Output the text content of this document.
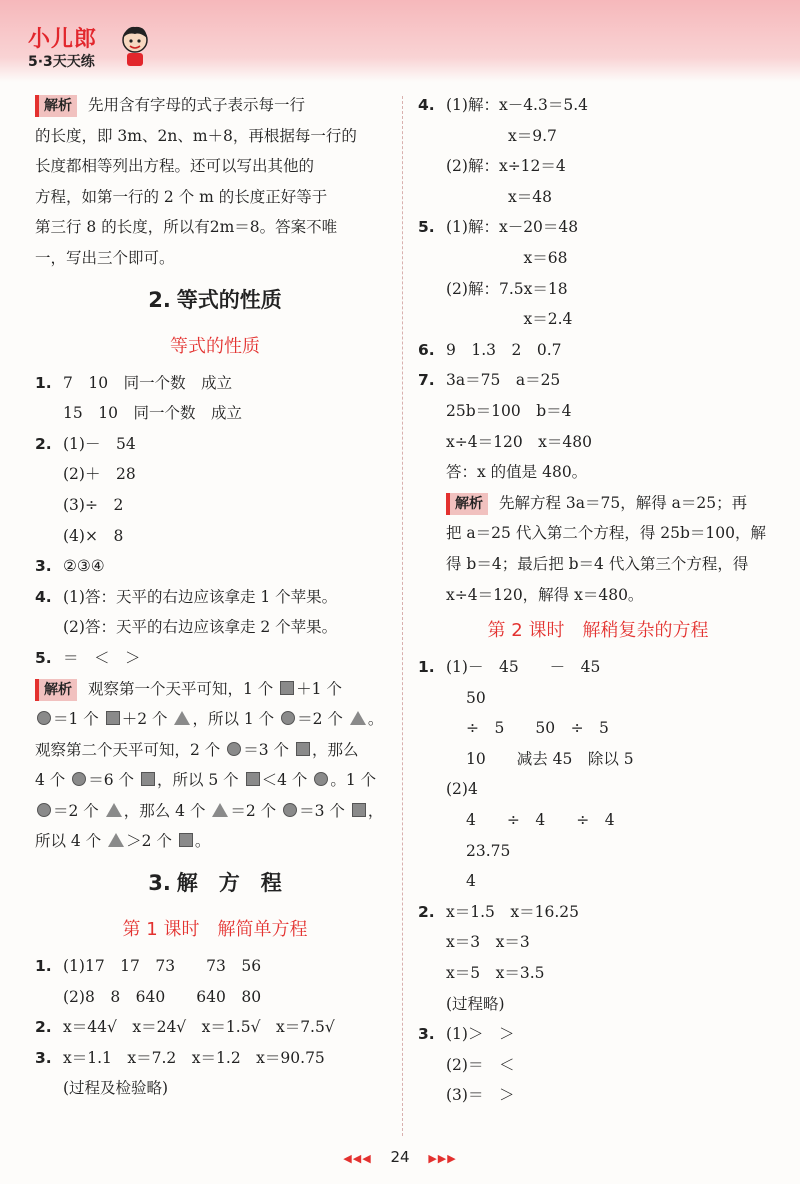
小儿郎
5·3天天练
解析 先用含有字母的式子表示每一行
的长度，即 3m、2n、m＋8，再根据每一行的
长度都相等列出方程。还可以写出其他的
方程，如第一行的 2 个 m 的长度正好等于
第三行 8 的长度，所以有2m＝8。答案不唯
一，写出三个即可。
2. 等式的性质
等式的性质
1. 7　10　同一个数　成立
15　10　同一个数　成立
2. (1)－　54
(2)＋　28
(3)÷　2
(4)×　8
3. ②③④
4. (1)答：天平的右边应该拿走 1 个苹果。
(2)答：天平的右边应该拿走 2 个苹果。
5. ＝　＜　＞
解析 观察第一个天平可知，1 个 ＋1 个
＝1 个 ＋2 个 ，所以 1 个 ＝2 个 。
观察第二个天平可知，2 个 ＝3 个 ，那么
4 个 ＝6 个 ，所以 5 个 ＜4 个 。1 个
＝2 个 ，那么 4 个 ＝2 个 ＝3 个 ，
所以 4 个 ＞2 个 。
3. 解　方　程
第 1 课时　解简单方程
1. (1)17　17　73　　73　56
(2)8　8　640　　640　80
2. x＝44√　x＝24√　x＝1.5√　x＝7.5√
3. x＝1.1　x＝7.2　x＝1.2　x＝90.75
(过程及检验略)
4. (1)解：x－4.3＝5.4
　　　　x＝9.7
(2)解：x÷12＝4
　　　　x＝48
5. (1)解：x－20＝48
　　　　　x＝68
(2)解：7.5x＝18
　　　　　x＝2.4
6. 9　1.3　2　0.7
7. 3a＝75　a＝25
25b＝100　b＝4
x÷4＝120　x＝480
答：x 的值是 480。
解析 先解方程 3a＝75，解得 a＝25；再
把 a＝25 代入第二个方程，得 25b＝100，解
得 b＝4；最后把 b＝4 代入第三个方程，得
x÷4＝120，解得 x＝480。
第 2 课时　解稍复杂的方程
1. (1)－　45　　－　45
50
÷　5　　50　÷　5
10　　减去 45　除以 5
(2)4
4　　÷　4　　÷　4
23.75
4
2. x＝1.5　x＝16.25
x＝3　x＝3
x＝5　x＝3.5
(过程略)
3. (1)＞　＞
(2)＝　＜
(3)＝　＞
◀◀◀ 24 ▶▶▶
